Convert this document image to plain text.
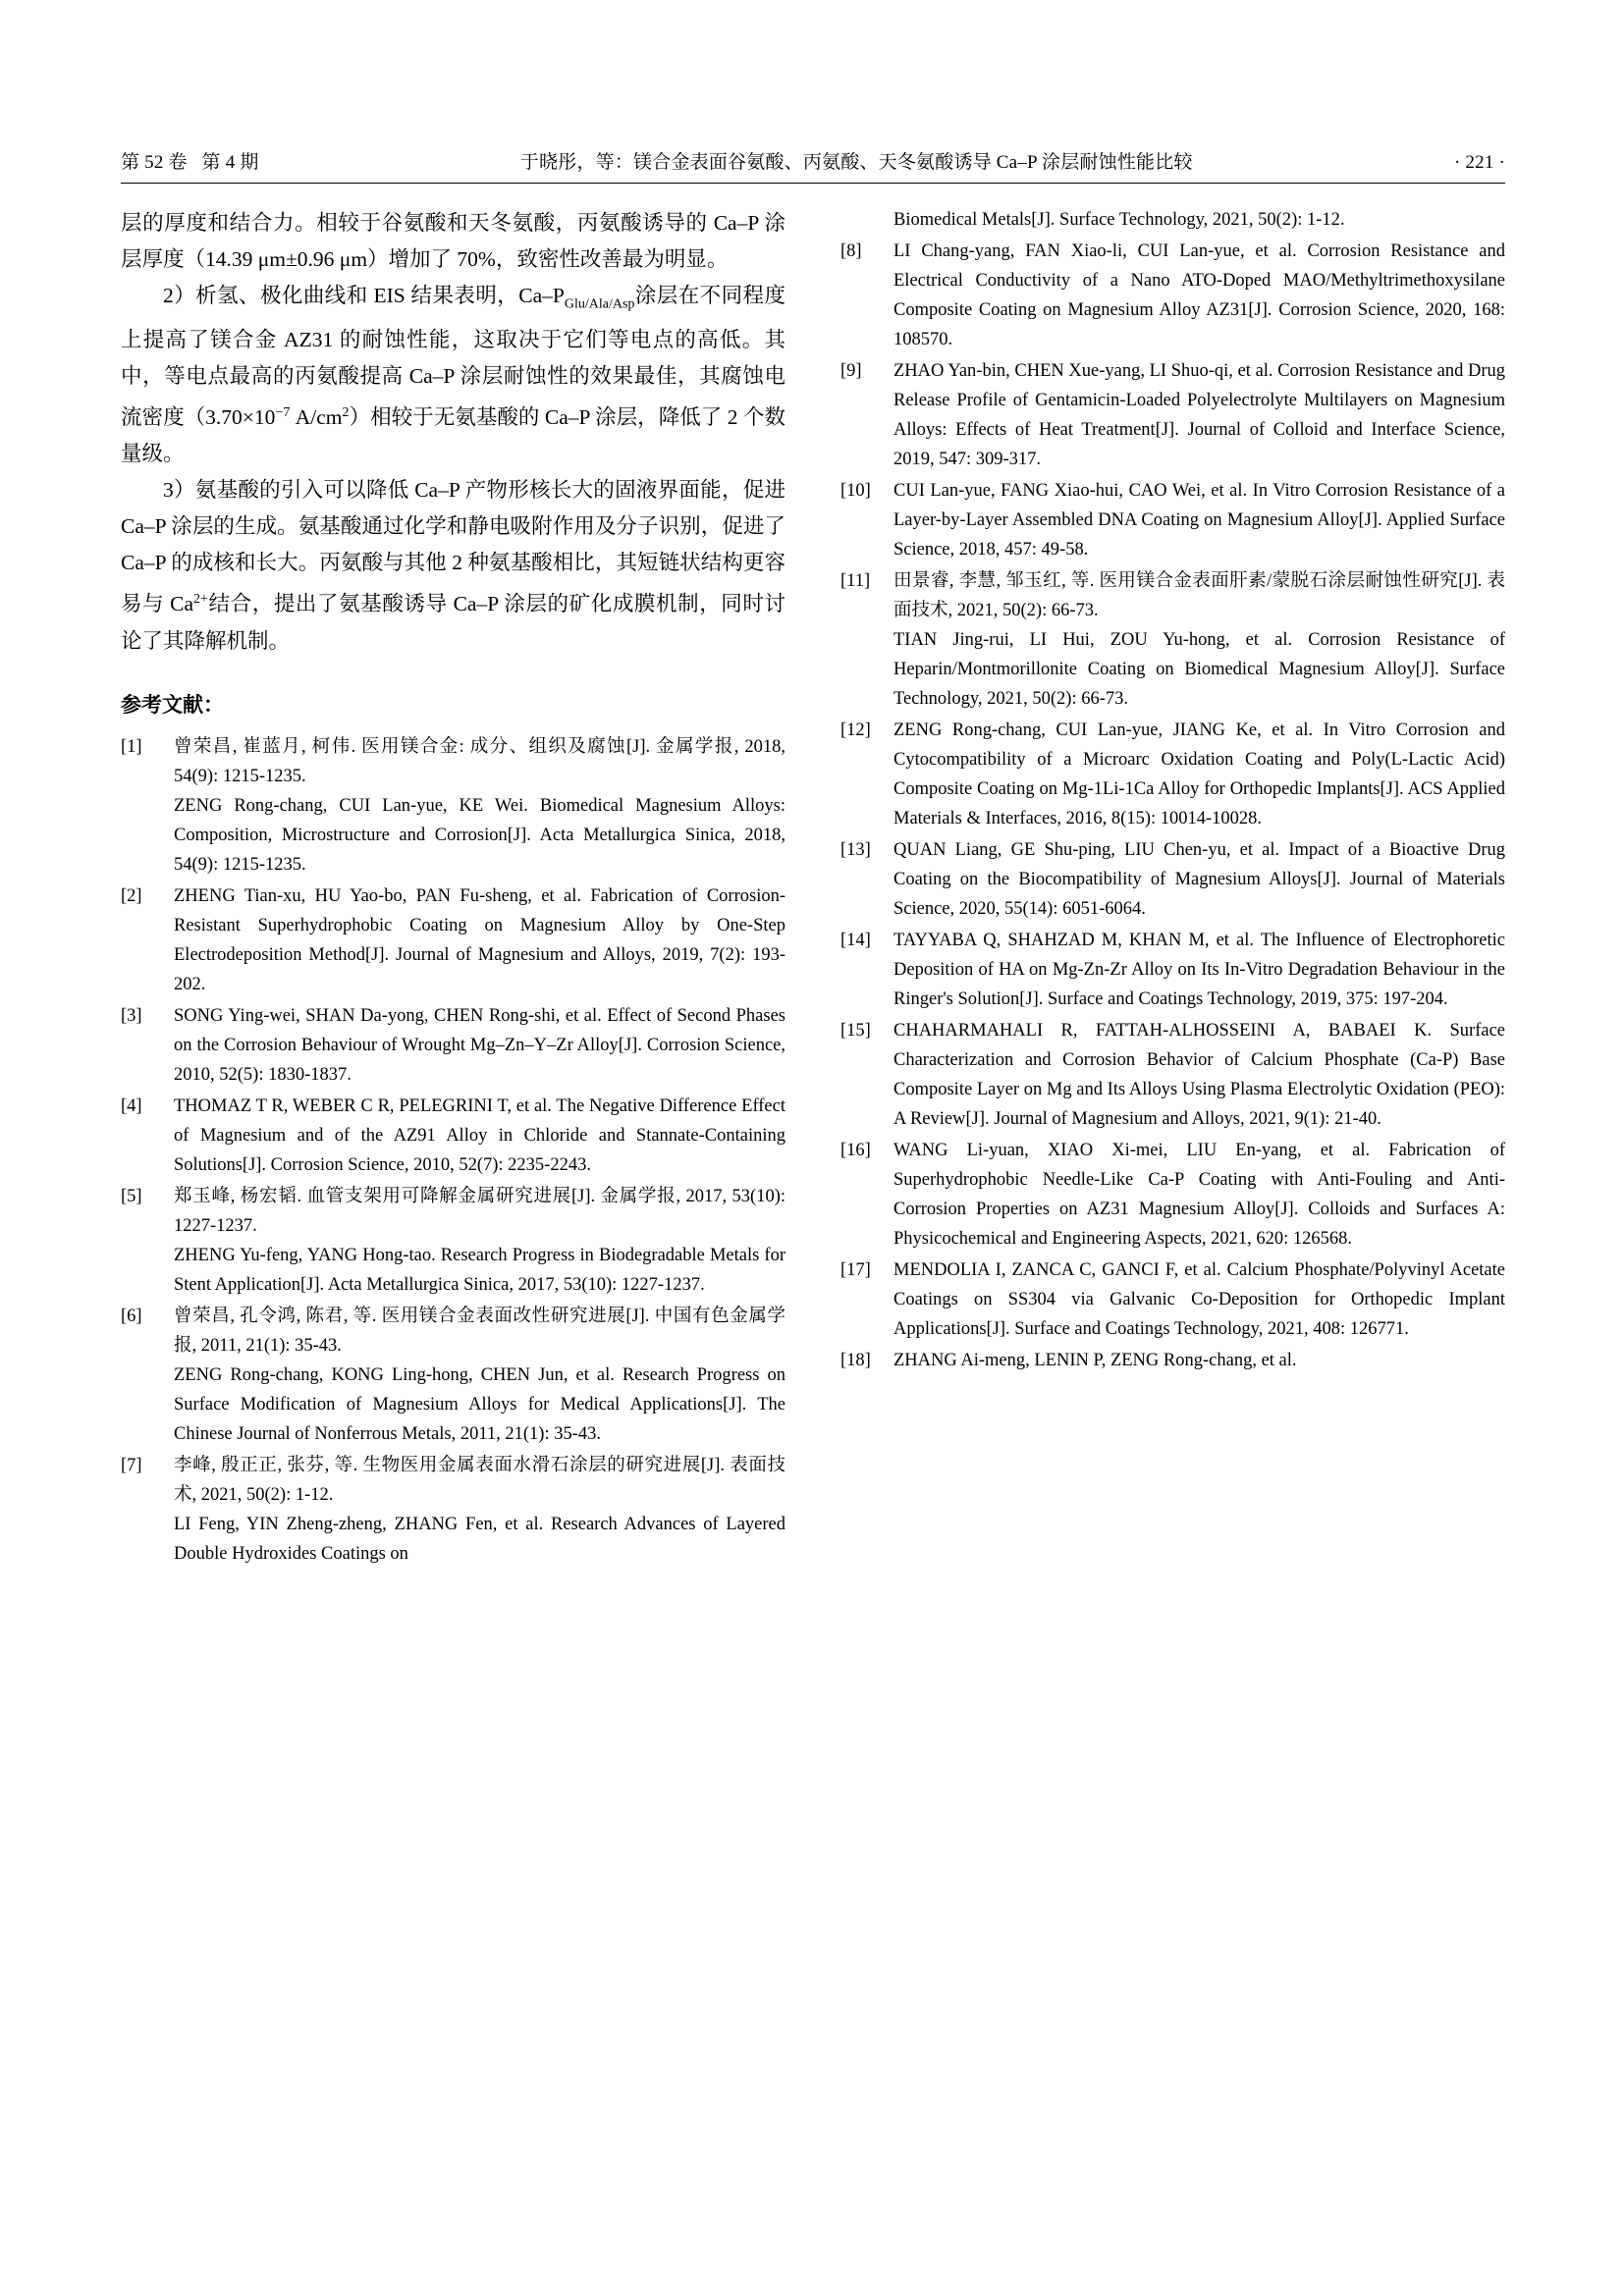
第 52 卷   第 4 期	于晓彤，等：镁合金表面谷氨酸、丙氨酸、天冬氨酸诱导 Ca–P 涂层耐蚀性能比较	· 221 ·

层的厚度和结合力。相较于谷氨酸和天冬氨酸，丙氨酸诱导的 Ca–P 涂层厚度（14.39 μm±0.96 μm）增加了 70%，致密性改善最为明显。

2）析氢、极化曲线和 EIS 结果表明，$Ca-P_{Glu/Ala/Asp}$涂层在不同程度上提高了镁合金 AZ31 的耐蚀性能，这取决于它们等电点的高低。其中，等电点最高的丙氨酸提高 Ca–P 涂层耐蚀性的效果最佳，其腐蚀电流密度（$3.70\times 10^{-7}$ $A/cm^2$）相较于无氨基酸的 Ca–P 涂层，降低了 2 个数量级。

3）氨基酸的引入可以降低 Ca–P 产物形核长大的固液界面能，促进 Ca–P 涂层的生成。氨基酸通过化学和静电吸附作用及分子识别，促进了 Ca–P 的成核和长大。丙氨酸与其他 2 种氨基酸相比，其短链状结构更容易与 $Ca^{2+}$结合，提出了氨基酸诱导 Ca–P 涂层的矿化成膜机制，同时讨论了其降解机制。

参考文献：
[1]	曾荣昌, 崔蓝月, 柯伟. 医用镁合金: 成分、组织及腐蚀[J]. 金属学报, 2018, 54(9): 1215-1235.
ZENG Rong-chang, CUI Lan-yue, KE Wei. Biomedical Magnesium Alloys: Composition, Microstructure and Corrosion[J]. Acta Metallurgica Sinica, 2018, 54(9): 1215-1235.
[2]	ZHENG Tian-xu, HU Yao-bo, PAN Fu-sheng, et al. Fabrication of Corrosion-Resistant Superhydrophobic Coating on Magnesium Alloy by One-Step Electrodeposition Method[J]. Journal of Magnesium and Alloys, 2019, 7(2): 193-202.
[3]	SONG Ying-wei, SHAN Da-yong, CHEN Rong-shi, et al. Effect of Second Phases on the Corrosion Behaviour of Wrought Mg–Zn–Y–Zr Alloy[J]. Corrosion Science, 2010, 52(5): 1830-1837.
[4]	THOMAZ T R, WEBER C R, PELEGRINI T, et al. The Negative Difference Effect of Magnesium and of the AZ91 Alloy in Chloride and Stannate-Containing Solutions[J]. Corrosion Science, 2010, 52(7): 2235-2243.
[5]	郑玉峰, 杨宏韬. 血管支架用可降解金属研究进展[J]. 金属学报, 2017, 53(10): 1227-1237.
ZHENG Yu-feng, YANG Hong-tao. Research Progress in Biodegradable Metals for Stent Application[J]. Acta Metallurgica Sinica, 2017, 53(10): 1227-1237.
[6]	曾荣昌, 孔令鸿, 陈君, 等. 医用镁合金表面改性研究进展[J]. 中国有色金属学报, 2011, 21(1): 35-43.
ZENG Rong-chang, KONG Ling-hong, CHEN Jun, et al. Research Progress on Surface Modification of Magnesium Alloys for Medical Applications[J]. The Chinese Journal of Nonferrous Metals, 2011, 21(1): 35-43.
[7]	李峰, 殷正正, 张芬, 等. 生物医用金属表面水滑石涂层的研究进展[J]. 表面技术, 2021, 50(2): 1-12.
LI Feng, YIN Zheng-zheng, ZHANG Fen, et al. Research Advances of Layered Double Hydroxides Coatings on
Biomedical Metals[J]. Surface Technology, 2021, 50(2): 1-12.
[8]	LI Chang-yang, FAN Xiao-li, CUI Lan-yue, et al. Corrosion Resistance and Electrical Conductivity of a Nano ATO-Doped MAO/Methyltrimethoxysilane Composite Coating on Magnesium Alloy AZ31[J]. Corrosion Science, 2020, 168: 108570.
[9]	ZHAO Yan-bin, CHEN Xue-yang, LI Shuo-qi, et al. Corrosion Resistance and Drug Release Profile of Gentamicin-Loaded Polyelectrolyte Multilayers on Magnesium Alloys: Effects of Heat Treatment[J]. Journal of Colloid and Interface Science, 2019, 547: 309-317.
[10]	CUI Lan-yue, FANG Xiao-hui, CAO Wei, et al. In Vitro Corrosion Resistance of a Layer-by-Layer Assembled DNA Coating on Magnesium Alloy[J]. Applied Surface Science, 2018, 457: 49-58.
[11]	田景睿, 李慧, 邹玉红, 等. 医用镁合金表面肝素/蒙脱石涂层耐蚀性研究[J]. 表面技术, 2021, 50(2): 66-73.
TIAN Jing-rui, LI Hui, ZOU Yu-hong, et al. Corrosion Resistance of Heparin/Montmorillonite Coating on Biomedical Magnesium Alloy[J]. Surface Technology, 2021, 50(2): 66-73.
[12]	ZENG Rong-chang, CUI Lan-yue, JIANG Ke, et al. In Vitro Corrosion and Cytocompatibility of a Microarc Oxidation Coating and Poly(L-Lactic Acid) Composite Coating on Mg-1Li-1Ca Alloy for Orthopedic Implants[J]. ACS Applied Materials & Interfaces, 2016, 8(15): 10014-10028.
[13]	QUAN Liang, GE Shu-ping, LIU Chen-yu, et al. Impact of a Bioactive Drug Coating on the Biocompatibility of Magnesium Alloys[J]. Journal of Materials Science, 2020, 55(14): 6051-6064.
[14]	TAYYABA Q, SHAHZAD M, KHAN M, et al. The Influence of Electrophoretic Deposition of HA on Mg-Zn-Zr Alloy on Its In-Vitro Degradation Behaviour in the Ringer's Solution[J]. Surface and Coatings Technology, 2019, 375: 197-204.
[15]	CHAHARMAHALI R, FATTAH-ALHOSSEINI A, BABAEI K. Surface Characterization and Corrosion Behavior of Calcium Phosphate (Ca-P) Base Composite Layer on Mg and Its Alloys Using Plasma Electrolytic Oxidation (PEO): A Review[J]. Journal of Magnesium and Alloys, 2021, 9(1): 21-40.
[16]	WANG Li-yuan, XIAO Xi-mei, LIU En-yang, et al. Fabrication of Superhydrophobic Needle-Like Ca-P Coating with Anti-Fouling and Anti-Corrosion Properties on AZ31 Magnesium Alloy[J]. Colloids and Surfaces A: Physicochemical and Engineering Aspects, 2021, 620: 126568.
[17]	MENDOLIA I, ZANCA C, GANCI F, et al. Calcium Phosphate/Polyvinyl Acetate Coatings on SS304 via Galvanic Co-Deposition for Orthopedic Implant Applications[J]. Surface and Coatings Technology, 2021, 408: 126771.
[18]	ZHANG Ai-meng, LENIN P, ZENG Rong-chang, et al.
